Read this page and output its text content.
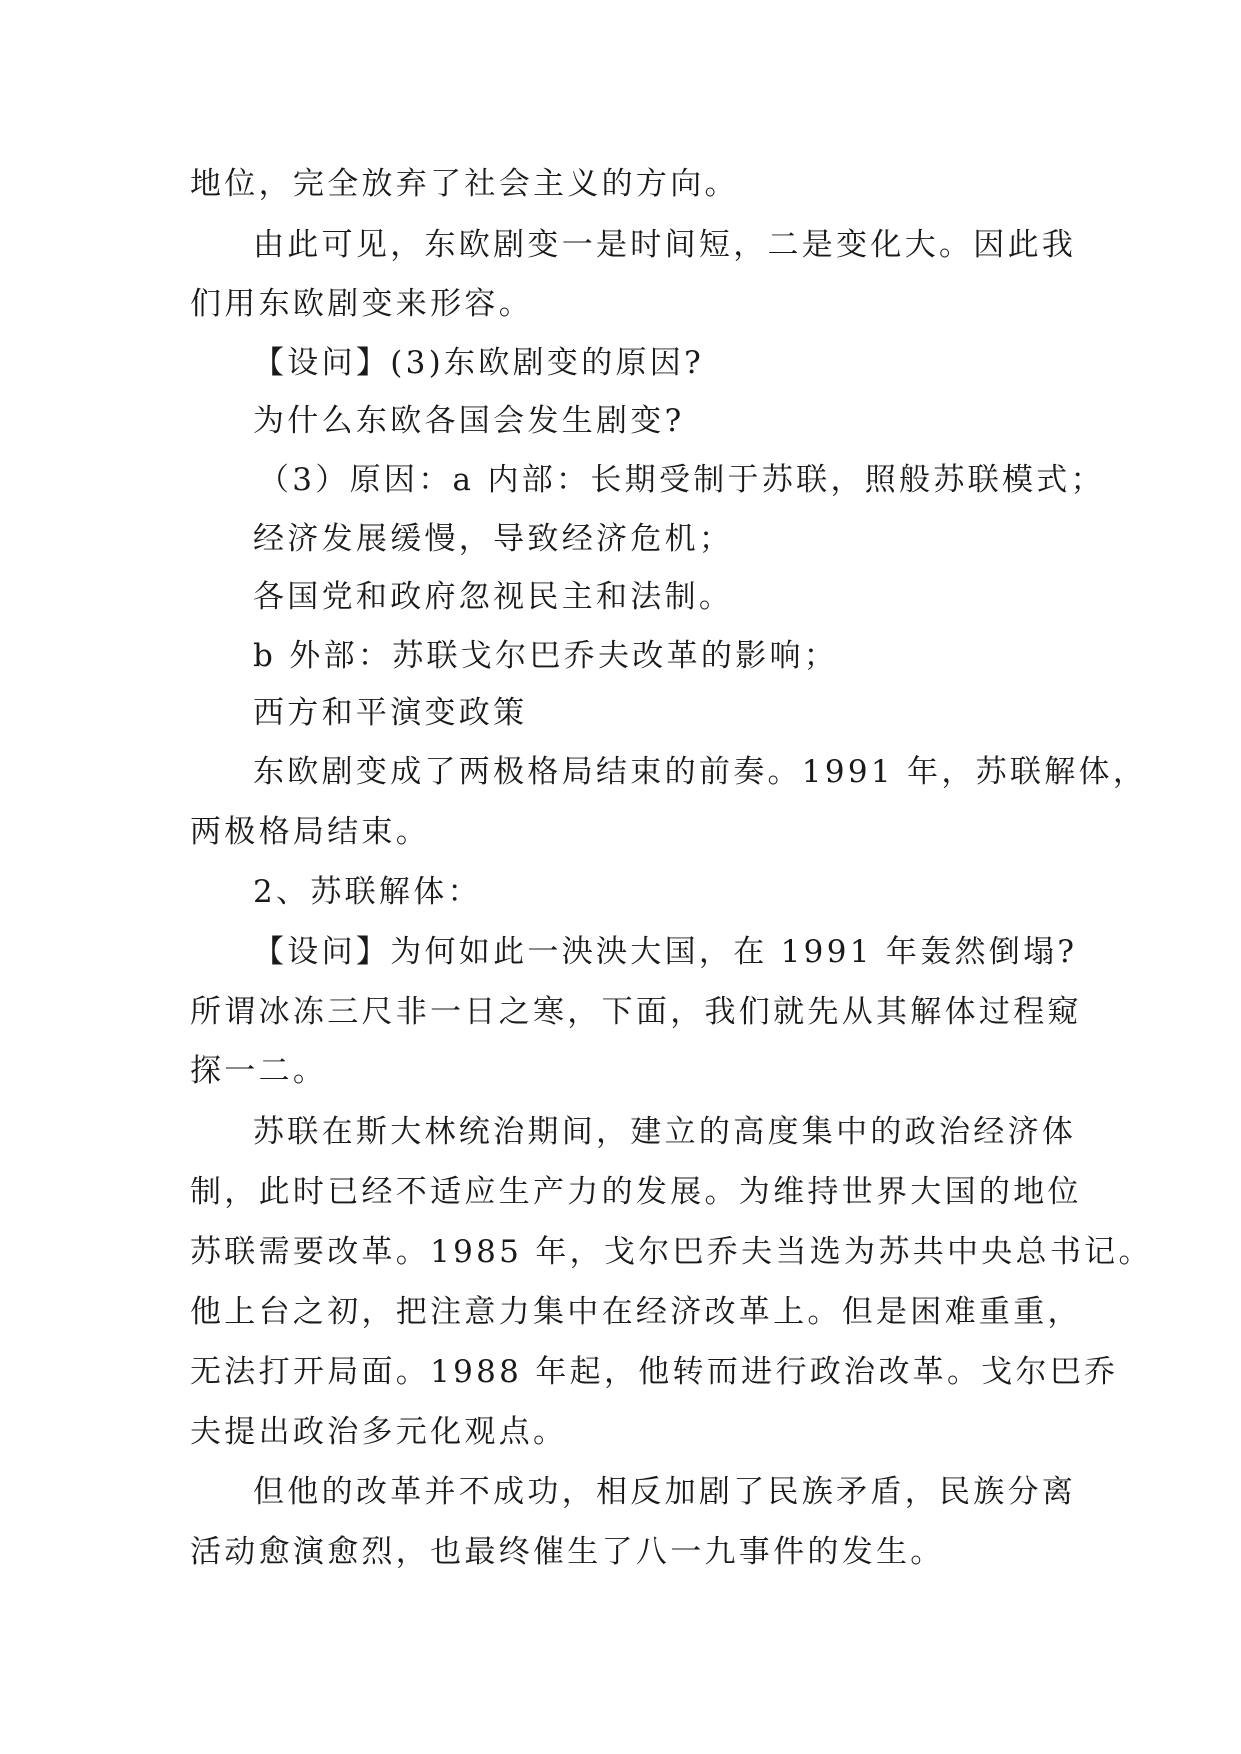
地位，完全放弃了社会主义的方向。
由此可见，东欧剧变一是时间短，二是变化大。因此我
们用东欧剧变来形容。
【设问】(3)东欧剧变的原因?
为什么东欧各国会发生剧变?
（3）原因：a 内部：长期受制于苏联，照般苏联模式；
经济发展缓慢，导致经济危机；
各国党和政府忽视民主和法制。
b 外部：苏联戈尔巴乔夫改革的影响；
西方和平演变政策
东欧剧变成了两极格局结束的前奏。1991 年，苏联解体，
两极格局结束。
2、苏联解体：
【设问】为何如此一泱泱大国，在 1991 年轰然倒塌?
所谓冰冻三尺非一日之寒，下面，我们就先从其解体过程窥
探一二。
苏联在斯大林统治期间，建立的高度集中的政治经济体
制，此时已经不适应生产力的发展。为维持世界大国的地位
苏联需要改革。1985 年，戈尔巴乔夫当选为苏共中央总书记。
他上台之初，把注意力集中在经济改革上。但是困难重重，
无法打开局面。1988 年起，他转而进行政治改革。戈尔巴乔
夫提出政治多元化观点。
但他的改革并不成功，相反加剧了民族矛盾，民族分离
活动愈演愈烈，也最终催生了八一九事件的发生。
